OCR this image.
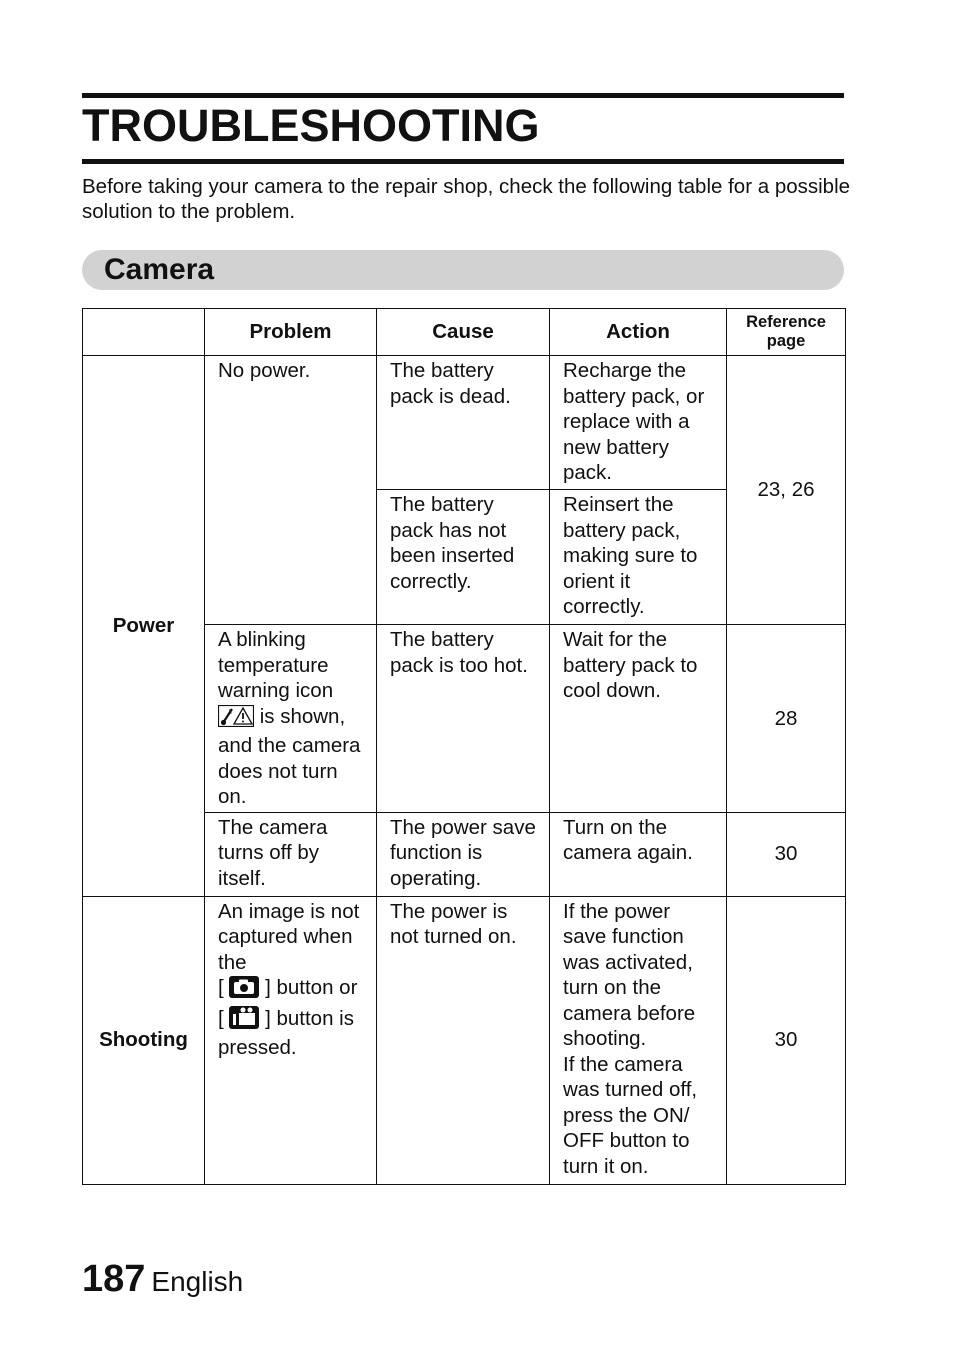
TROUBLESHOOTING

Before taking your camera to the repair shop, check the following table for a possible solution to the problem.

Camera
	Problem	Cause	Action	Reference
page
Power	No power.	The battery pack is dead.	Recharge the battery pack, or replace with a new battery pack.	23, 26
		The battery pack has not been inserted correctly.	Reinsert the battery pack, making sure to orient it correctly.	
	A blinking temperature warning icon
is shown, and the camera does not turn on.	The battery pack is too hot.	Wait for the battery pack to cool down.	28
	The camera turns off by itself.	The power save function is operating.	Turn on the camera again.	30
Shooting	An image is not captured when the
[  ] button or
[  ] button is pressed.	The power is not turned on.	If the power save function was activated, turn on the camera before shooting.
If the camera was turned off, press the ON/ OFF button to turn it on.	30
187 English
